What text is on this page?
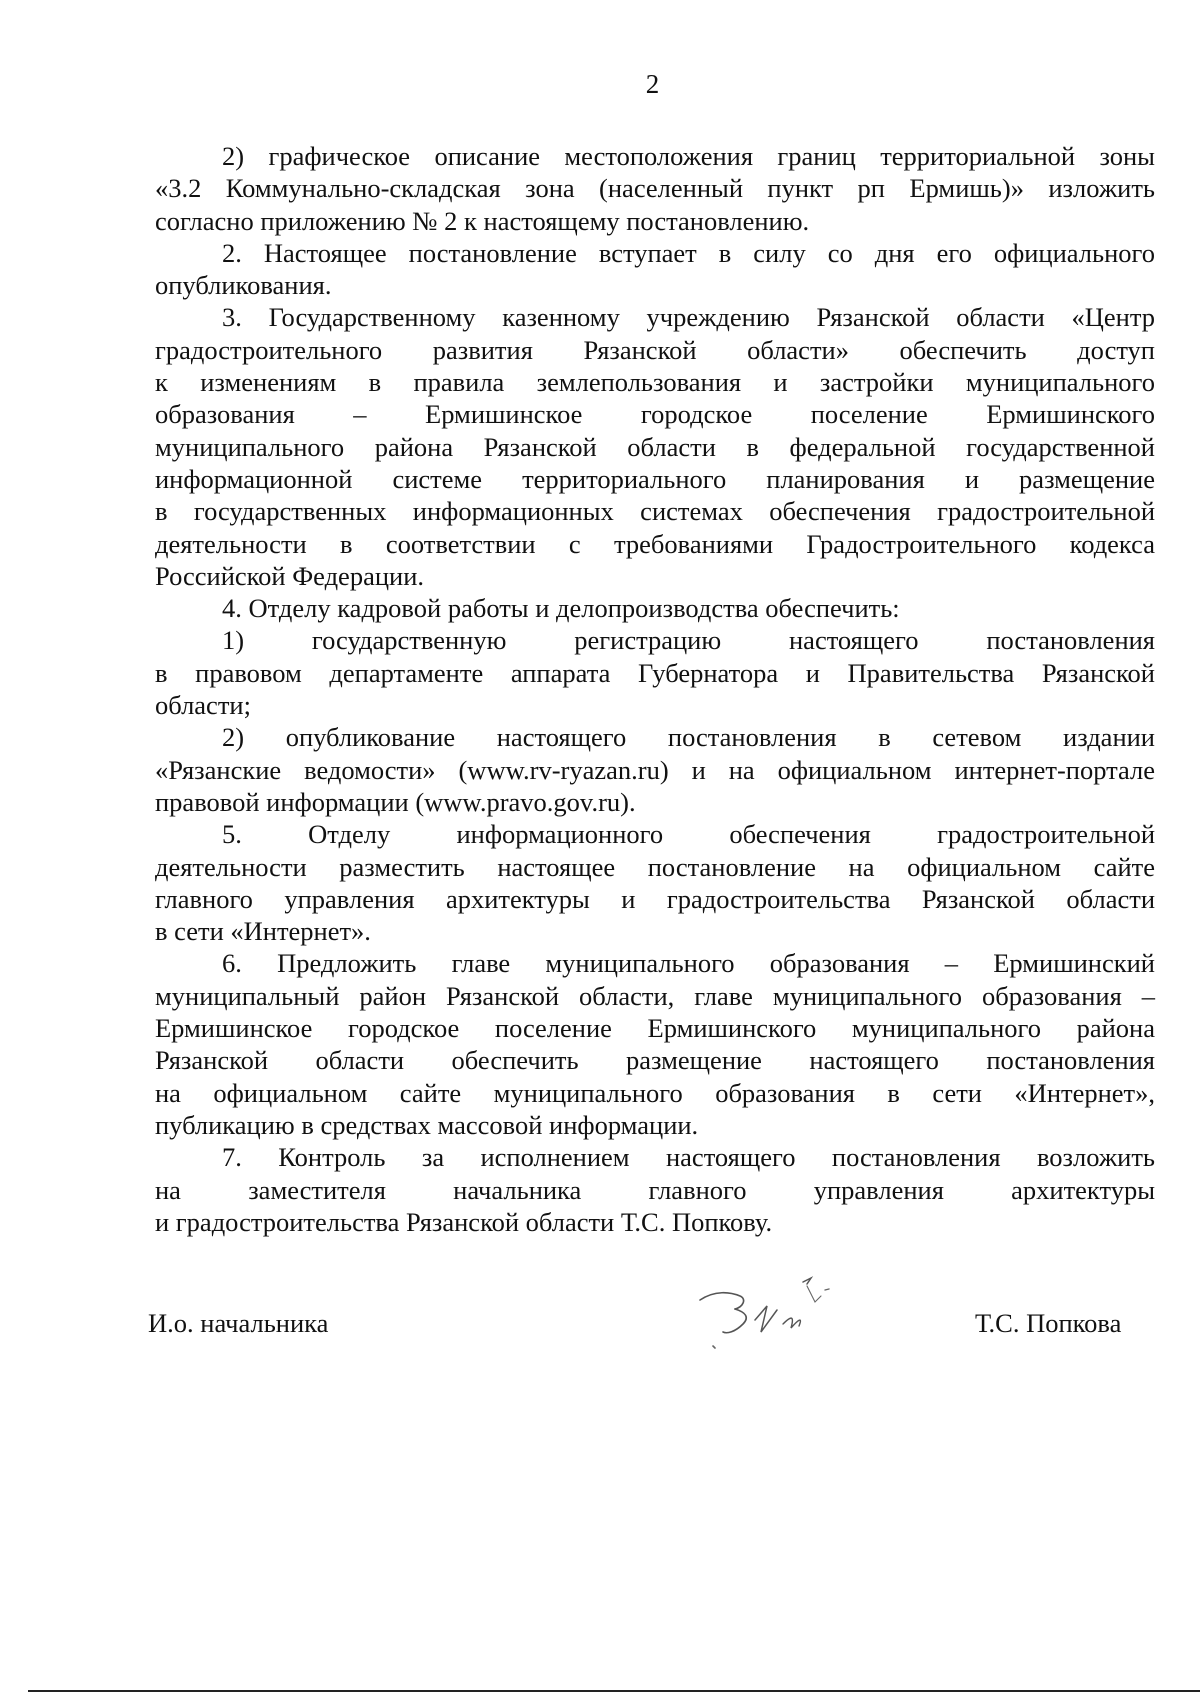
2

2) графическое описание местоположения границ территориальной зоны
«3.2 Коммунально-складская зона (населенный пункт рп Ермишь)» изложить
согласно приложению № 2 к настоящему постановлению.

2. Настоящее постановление вступает в силу со дня его официального
опубликования.

3. Государственному казенному учреждению Рязанской области «Центр
градостроительного развития Рязанской области» обеспечить доступ
к изменениям в правила землепользования и застройки муниципального
образования – Ермишинское городское поселение Ермишинского
муниципального района Рязанской области в федеральной государственной
информационной системе территориального планирования и размещение
в государственных информационных системах обеспечения градостроительной
деятельности в соответствии с требованиями Градостроительного кодекса
Российской Федерации.

4. Отделу кадровой работы и делопроизводства обеспечить:

1) государственную регистрацию настоящего постановления
в правовом департаменте аппарата Губернатора и Правительства Рязанской
области;

2) опубликование настоящего постановления в сетевом издании
«Рязанские ведомости» (www.rv-ryazan.ru) и на официальном интернет-портале
правовой информации (www.pravo.gov.ru).

5. Отделу информационного обеспечения градостроительной
деятельности разместить настоящее постановление на официальном сайте
главного управления архитектуры и градостроительства Рязанской области
в сети «Интернет».

6. Предложить главе муниципального образования – Ермишинский
муниципальный район Рязанской области, главе муниципального образования –
Ермишинское городское поселение Ермишинского муниципального района
Рязанской области обеспечить размещение настоящего постановления
на официальном сайте муниципального образования в сети «Интернет»,
публикацию в средствах массовой информации.

7. Контроль за исполнением настоящего постановления возложить
на заместителя начальника главного управления архитектуры
и градостроительства Рязанской области Т.С. Попкову.

И.о. начальника	Т.С. Попкова
